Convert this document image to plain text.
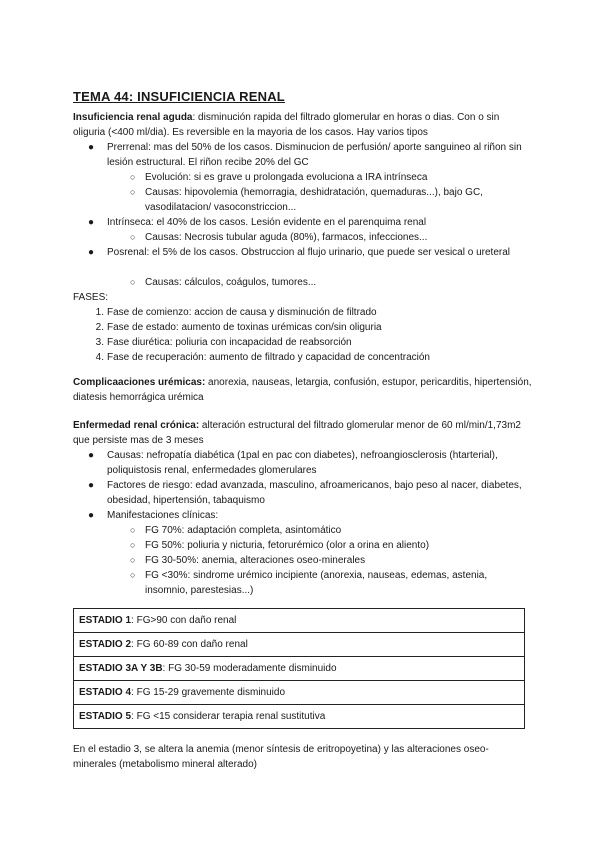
TEMA 44: INSUFICIENCIA RENAL
Insuficiencia renal aguda: disminución rapida del filtrado glomerular en horas o dias. Con o sin oliguria (<400 ml/dia). Es reversible en la mayoria de los casos. Hay varios tipos
● Prerrenal: mas del 50% de los casos. Disminucion de perfusión/ aporte sanguineo al riñon sin lesión estructural. El riñon recibe 20% del GC
○ Evolución: si es grave u prolongada evoluciona a IRA intrínseca
○ Causas: hipovolemia (hemorragia, deshidratación, quemaduras...), bajo GC, vasodilatacion/ vasoconstriccion...
● Intrínseca: el 40% de los casos. Lesión evidente en el parenquima renal
○ Causas: Necrosis tubular aguda (80%), farmacos, infecciones...
● Posrenal: el 5% de los casos. Obstruccion al flujo urinario, que puede ser vesical o ureteral
○ Causas: cálculos, coágulos, tumores...
FASES:
1. Fase de comienzo: accion de causa y disminución de filtrado
2. Fase de estado: aumento de toxinas urémicas con/sin oliguria
3. Fase diurética: poliuria con incapacidad de reabsorción
4. Fase de recuperación: aumento de filtrado y capacidad de concentración
Complicaaciones urémicas: anorexia, nauseas, letargia, confusión, estupor, pericarditis, hipertensión, diatesis hemorrágica urémica
Enfermedad renal crónica: alteración estructural del filtrado glomerular menor de 60 ml/min/1,73m2 que persiste mas de 3 meses
● Causas: nefropatía diabética (1pal en pac con diabetes), nefroangiosclerosis (htarterial), poliquistosis renal, enfermedades glomerulares
● Factores de riesgo: edad avanzada, masculino, afroamericanos, bajo peso al nacer, diabetes, obesidad, hipertensión, tabaquismo
● Manifestaciones clínicas:
○ FG 70%: adaptación completa, asintomático
○ FG 50%: poliuria y nicturia, fetorurémico (olor a orina en aliento)
○ FG 30-50%: anemia, alteraciones oseo-minerales
○ FG <30%: sindrome urémico incipiente (anorexia, nauseas, edemas, astenia, insomnio, parestesias...)
ESTADIO 1: FG>90 con daño renal
ESTADIO 2: FG 60-89 con daño renal
ESTADIO 3A Y 3B: FG 30-59 moderadamente disminuido
ESTADIO 4: FG 15-29 gravemente disminuido
ESTADIO 5: FG <15 considerar terapia renal sustitutiva
En el estadio 3, se altera la anemia (menor síntesis de eritropoyetina) y las alteraciones oseo- minerales (metabolismo mineral alterado)
